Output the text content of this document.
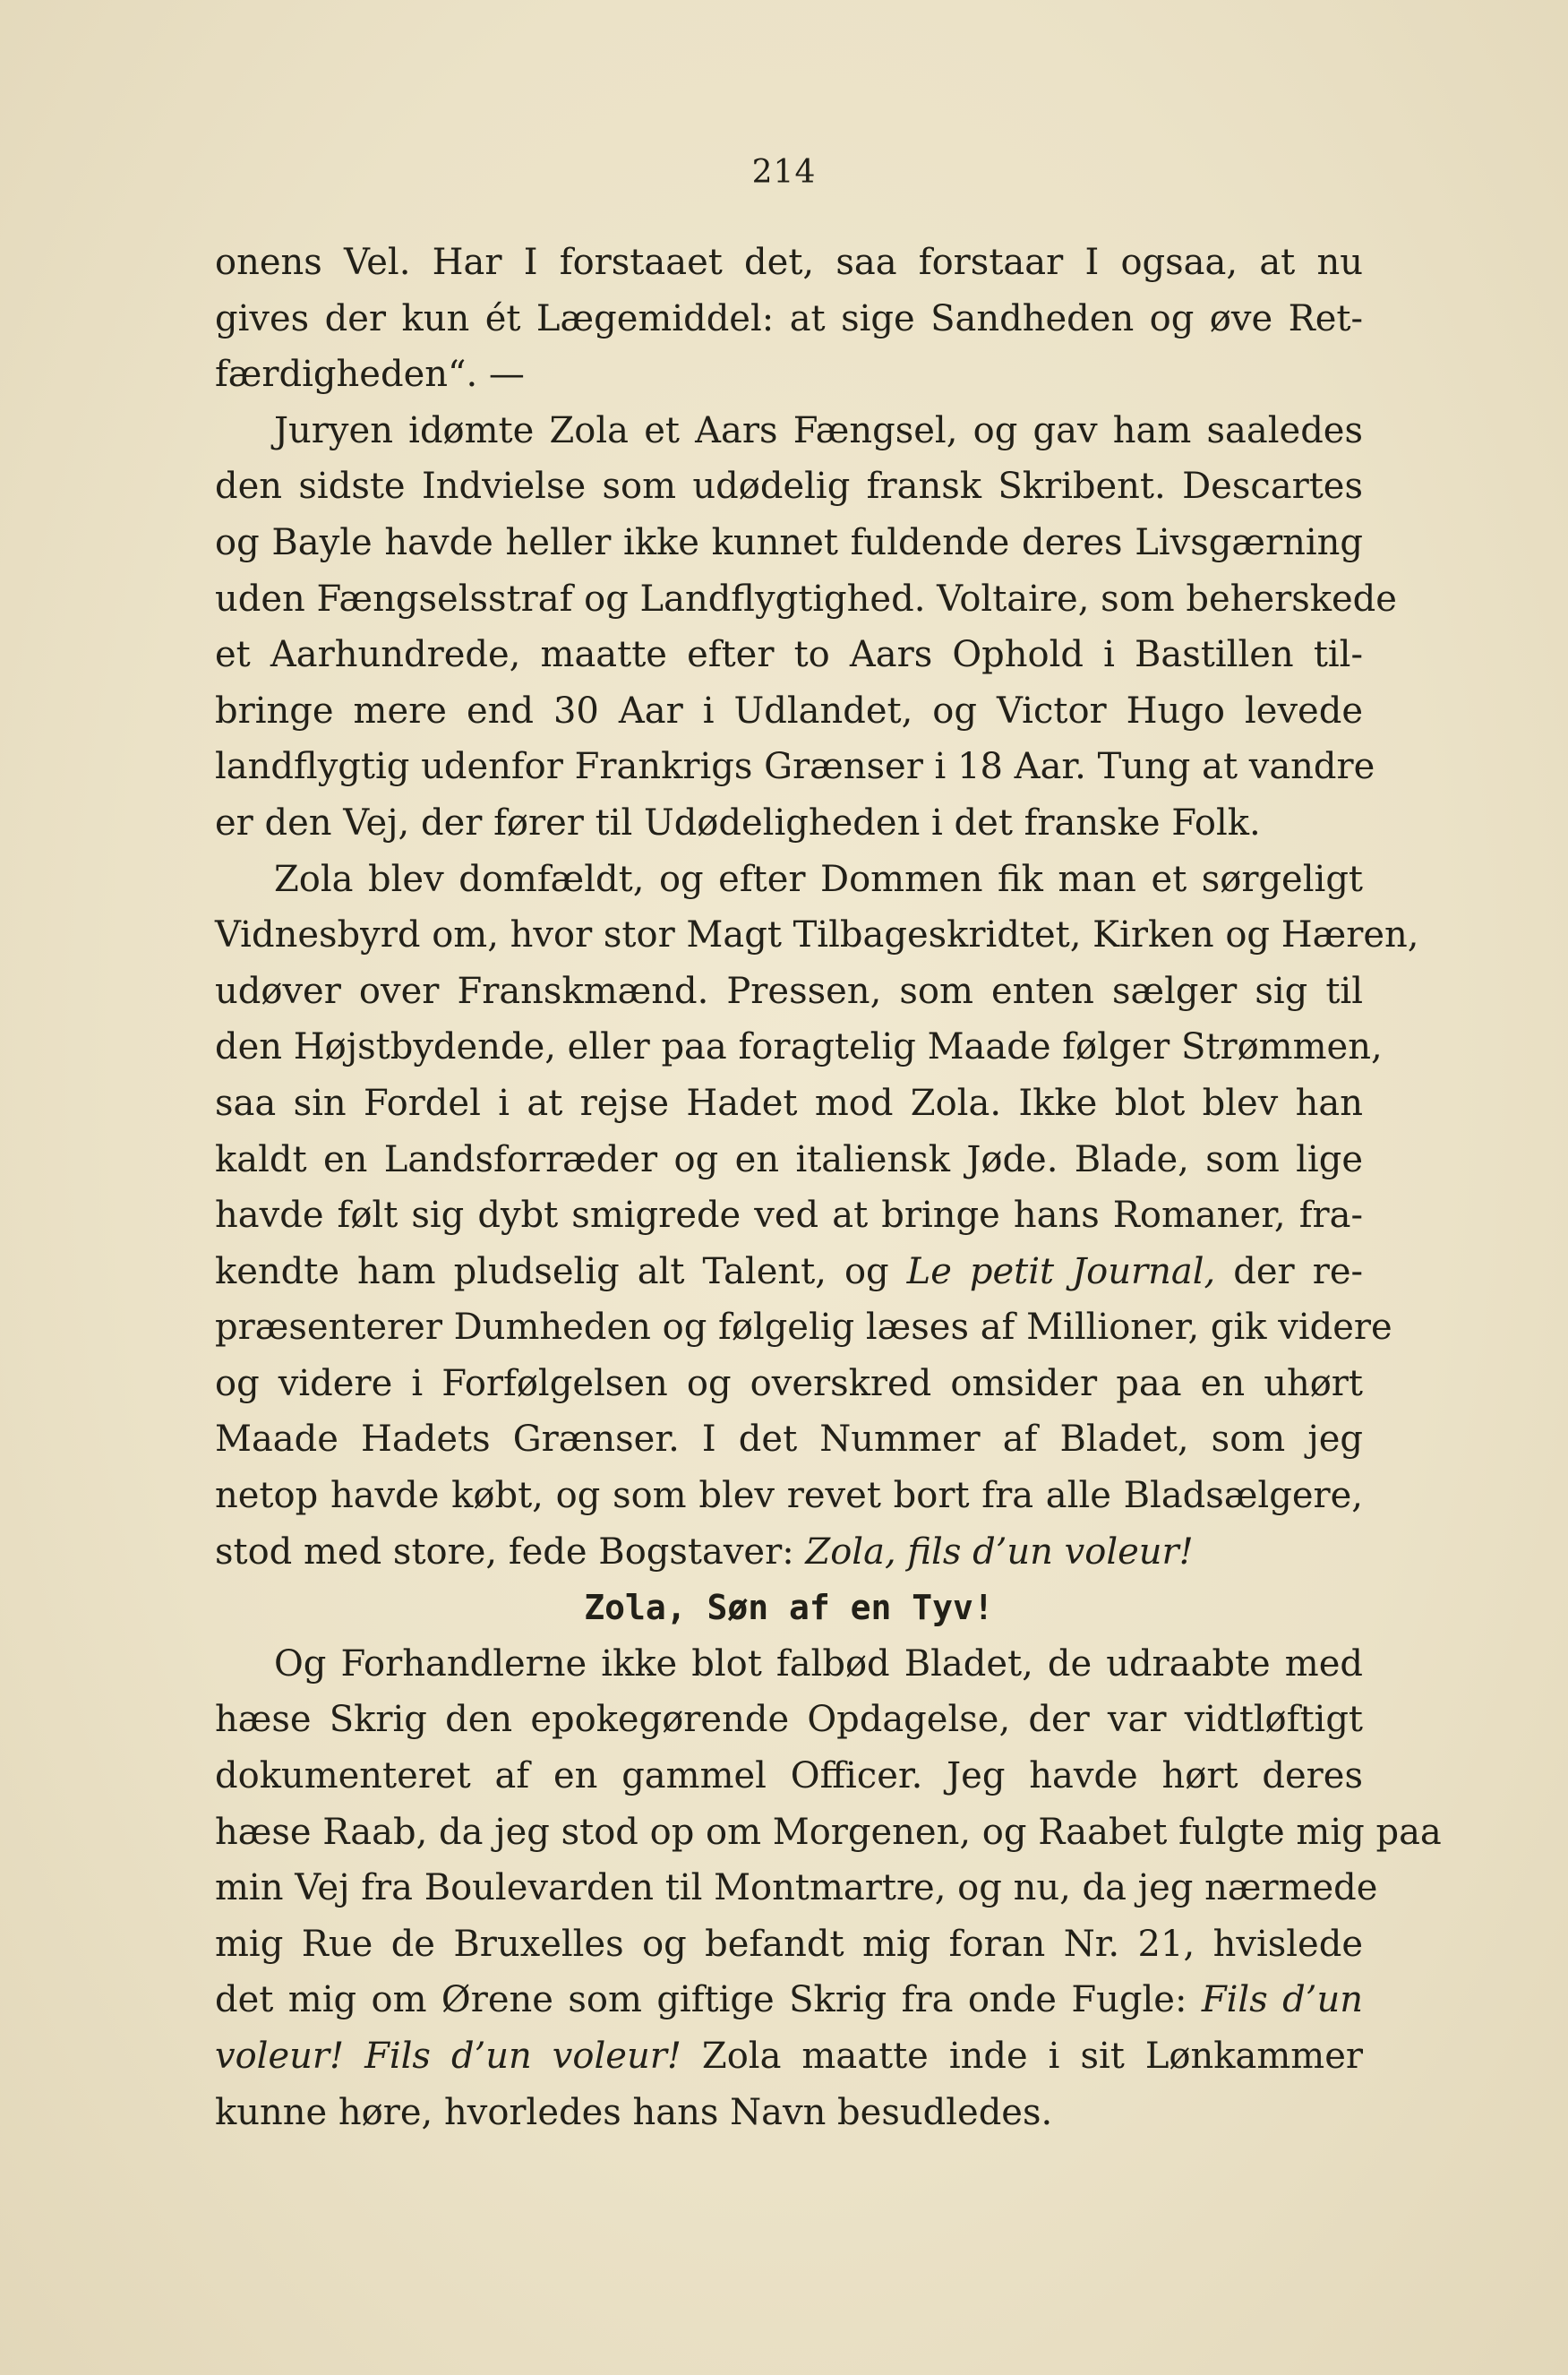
214
onens Vel. Har I forstaaet det, saa forstaar I ogsaa, at nu
gives der kun ét Lægemiddel: at sige Sandheden og øve Ret-
færdigheden“. —
Juryen idømte Zola et Aars Fængsel, og gav ham saaledes
den sidste Indvielse som udødelig fransk Skribent. Descartes
og Bayle havde heller ikke kunnet fuldende deres Livsgærning
uden Fængselsstraf og Landflygtighed. Voltaire, som beherskede
et Aarhundrede, maatte efter to Aars Ophold i Bastillen til-
bringe mere end 30 Aar i Udlandet, og Victor Hugo levede
landflygtig udenfor Frankrigs Grænser i 18 Aar. Tung at vandre
er den Vej, der fører til Udødeligheden i det franske Folk.
Zola blev domfældt, og efter Dommen fik man et sørgeligt
Vidnesbyrd om, hvor stor Magt Tilbageskridtet, Kirken og Hæren,
udøver over Franskmænd. Pressen, som enten sælger sig til
den Højstbydende, eller paa foragtelig Maade følger Strømmen,
saa sin Fordel i at rejse Hadet mod Zola. Ikke blot blev han
kaldt en Landsforræder og en italiensk Jøde. Blade, som lige
havde følt sig dybt smigrede ved at bringe hans Romaner, fra-
kendte ham pludselig alt Talent, og Le petit Journal, der re-
præsenterer Dumheden og følgelig læses af Millioner, gik videre
og videre i Forfølgelsen og overskred omsider paa en uhørt
Maade Hadets Grænser. I det Nummer af Bladet, som jeg
netop havde købt, og som blev revet bort fra alle Bladsælgere,
stod med store, fede Bogstaver: Zola, fils d’un voleur!
Zola, Søn af en Tyv!
Og Forhandlerne ikke blot falbød Bladet, de udraabte med
hæse Skrig den epokegørende Opdagelse, der var vidtløftigt
dokumenteret af en gammel Officer. Jeg havde hørt deres
hæse Raab, da jeg stod op om Morgenen, og Raabet fulgte mig paa
min Vej fra Boulevarden til Montmartre, og nu, da jeg nærmede
mig Rue de Bruxelles og befandt mig foran Nr. 21, hvislede
det mig om Ørene som giftige Skrig fra onde Fugle: Fils d’un
voleur! Fils d’un voleur! Zola maatte inde i sit Lønkammer
kunne høre, hvorledes hans Navn besudledes.
